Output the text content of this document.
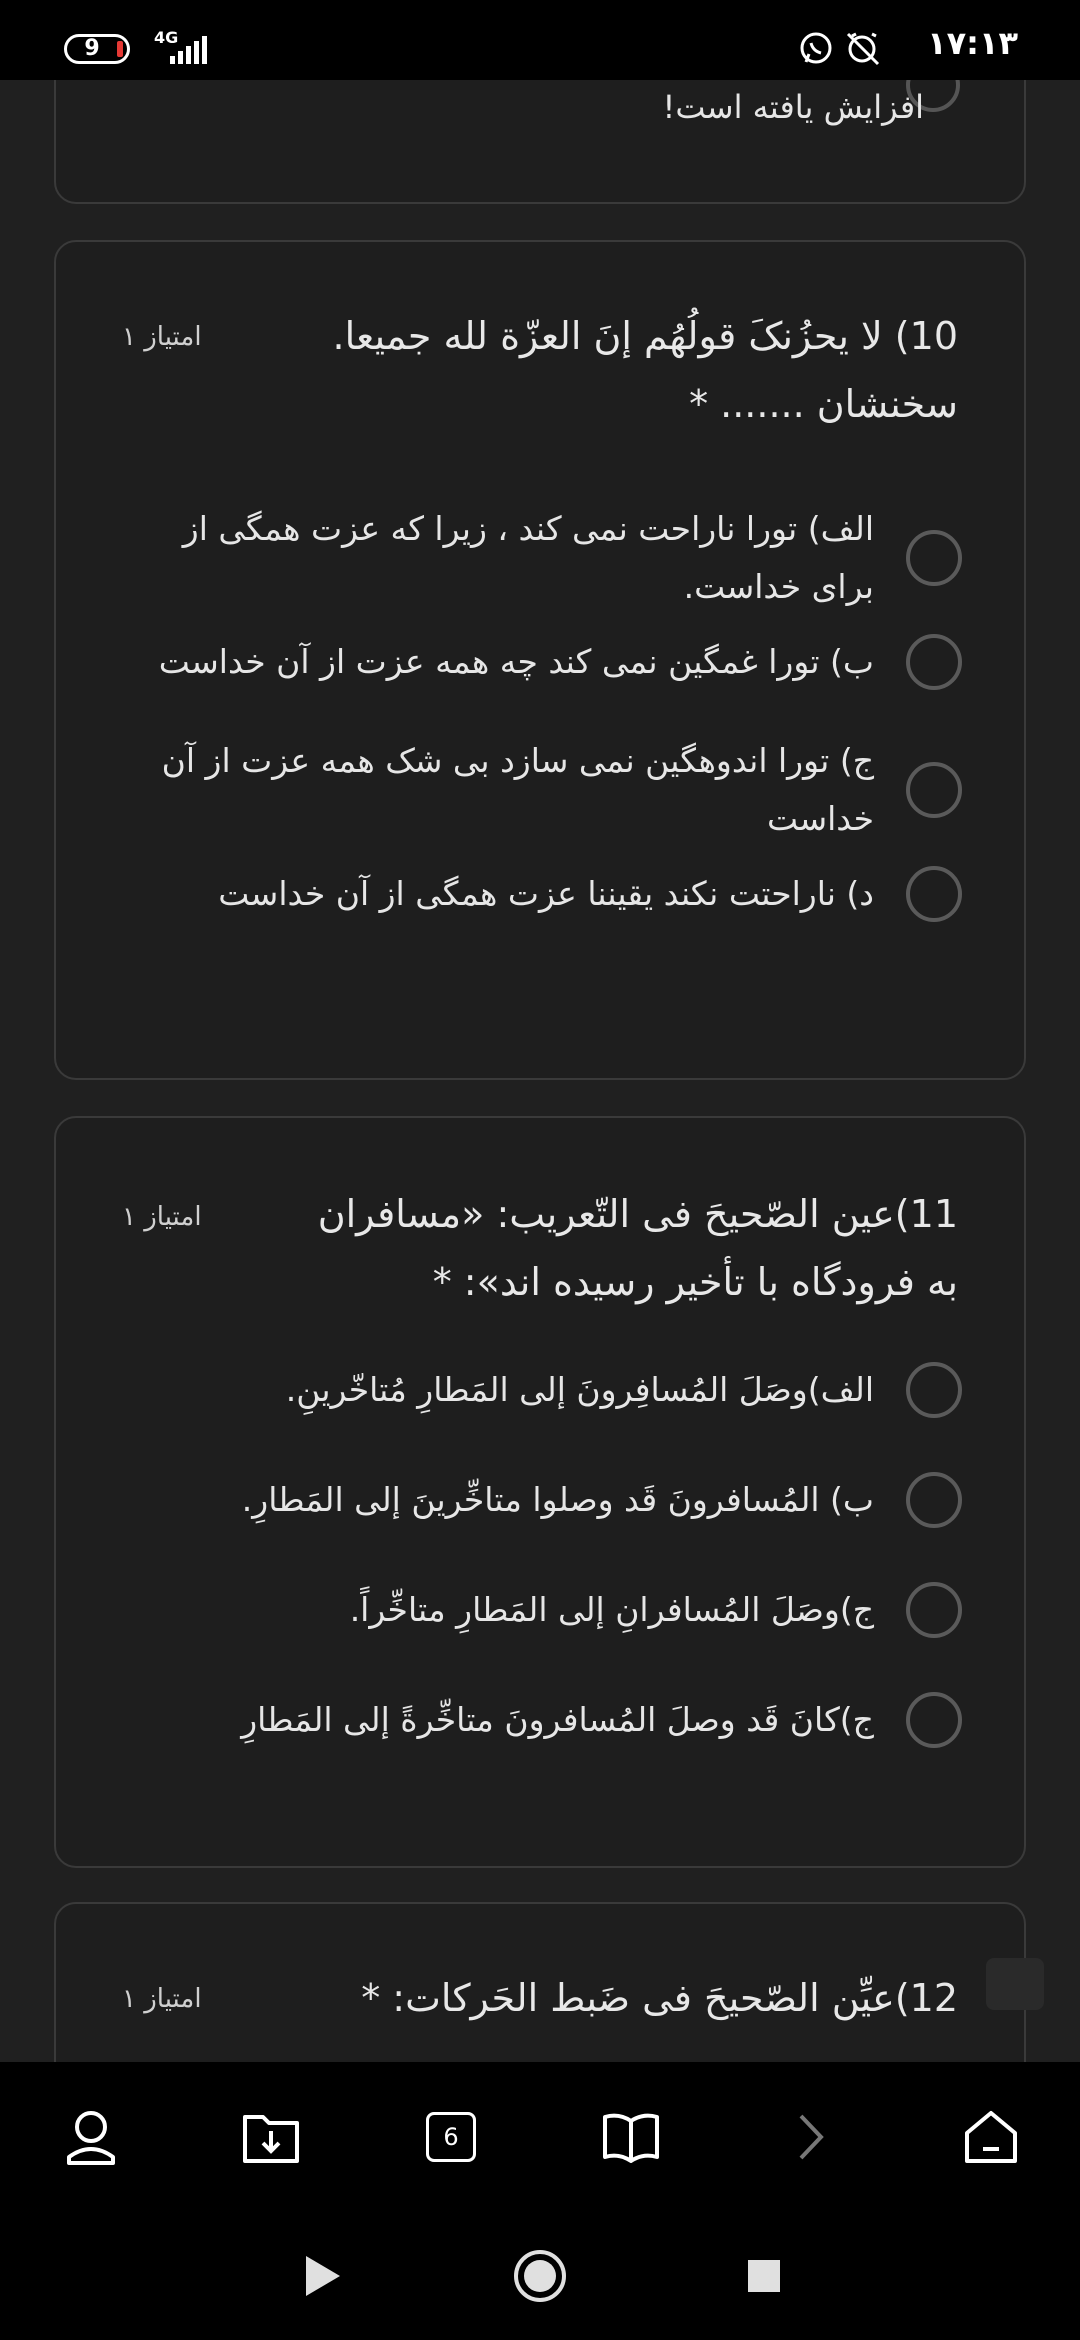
9	4G	۱۷:۱۳
افزایش یافته است!
10) لا یحزُنکَ قولُهُم إنَ العزّة لله جمیعا. سخنشان ....... *
۱ امتیاز
الف) تورا ناراحت نمی کند ، زیرا که عزت همگی از برای خداست.
ب) تورا غمگین نمی کند چه همه عزت از آن خداست
ج) تورا اندوهگین نمی سازد بی شک همه عزت از آن خداست
د) ناراحتت نکند یقیننا عزت همگی از آن خداست
11)عین الصّحیحَ فی التّعریب: «مسافران به فرودگاه با تأخیر رسیده اند»: *
۱ امتیاز
الف)وصَلَ المُسافِرونَ إلی المَطارِ مُتاخّرینِ.
ب) المُسافرونَ قَد وصلوا متاخِّرینَ إلی المَطارِ.
ج)وصَلَ المُسافرانِ إلی المَطارِ متاخِّراً.
ج)کانَ قَد وصلَ المُسافرونَ متاخِّرةً إلی المَطارِ
12)عیِّن الصّحیحَ فی ضَبط الحَرکات: *
۱ امتیاز
6
